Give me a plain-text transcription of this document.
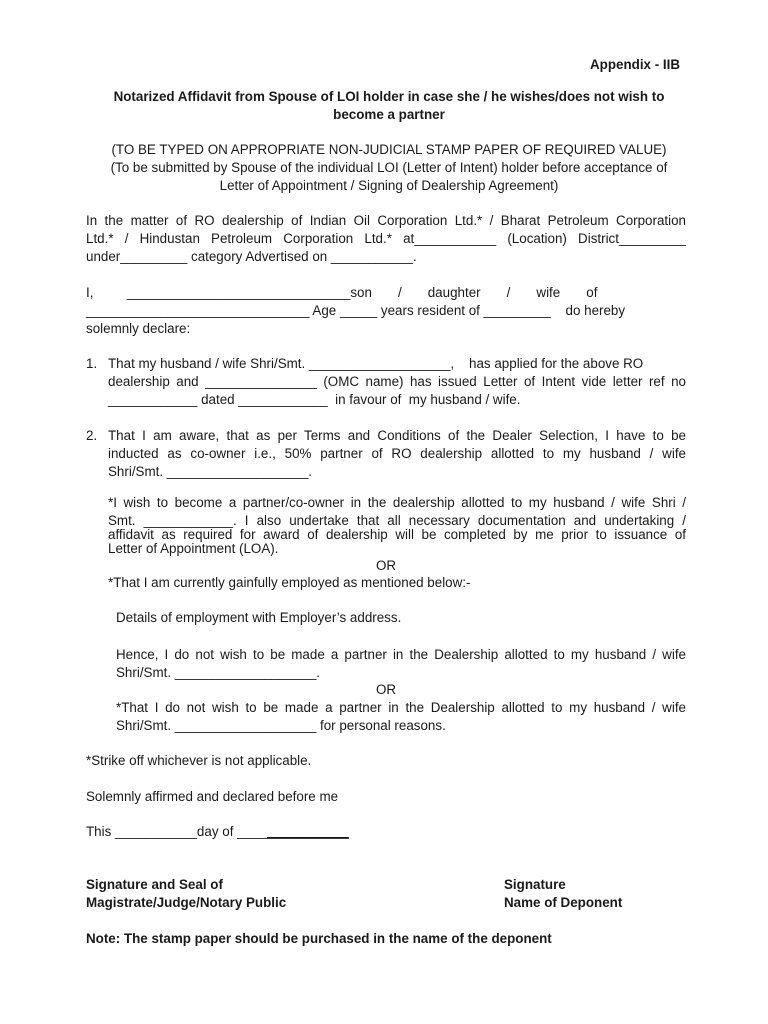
Appendix - IIB
Notarized Affidavit from Spouse of LOI holder in case she / he wishes/does not wish to
become a partner
(TO BE TYPED ON APPROPRIATE NON-JUDICIAL STAMP PAPER OF REQUIRED VALUE)
(To be submitted by Spouse of the individual LOI (Letter of Intent) holder before acceptance of
Letter of Appointment / Signing of Dealership Agreement)
In the matter of RO dealership of Indian Oil Corporation Ltd.* / Bharat Petroleum Corporation
Ltd.* / Hindustan Petroleum Corporation Ltd.* at___________ (Location) District_________
under_________ category Advertised on ___________.
I,         ______________________________son       /       daughter       /       wife       of
______________________________ Age _____ years resident of _________    do hereby
solemnly declare:
1. That my husband / wife Shri/Smt. ___________________,    has applied for the above RO
dealership and _______________ (OMC name) has issued Letter of Intent vide letter ref no
____________ dated ____________  in favour of  my husband / wife.
2. That I am aware, that as per Terms and Conditions of the Dealer Selection, I have to be
inducted as co-owner i.e., 50% partner of RO dealership allotted to my husband / wife
Shri/Smt. ___________________.
*I wish to become a partner/co-owner in the dealership allotted to my husband / wife Shri /
Smt. ____________. I also undertake that all necessary documentation and undertaking /
affidavit as required for award of dealership will be completed by me prior to issuance of
Letter of Appointment (LOA).
OR
*That I am currently gainfully employed as mentioned below:-
Details of employment with Employer’s address.
Hence, I do not wish to be made a partner in the Dealership allotted to my husband / wife
Shri/Smt. ___________________.
OR
*That I do not wish to be made a partner in the Dealership allotted to my husband / wife
Shri/Smt. ___________________ for personal reasons.
*Strike off whichever is not applicable.
Solemnly affirmed and declared before me
This ___________day of _______________
Signature and Seal of
Magistrate/Judge/Notary Public
Signature
Name of Deponent
Note: The stamp paper should be purchased in the name of the deponent
